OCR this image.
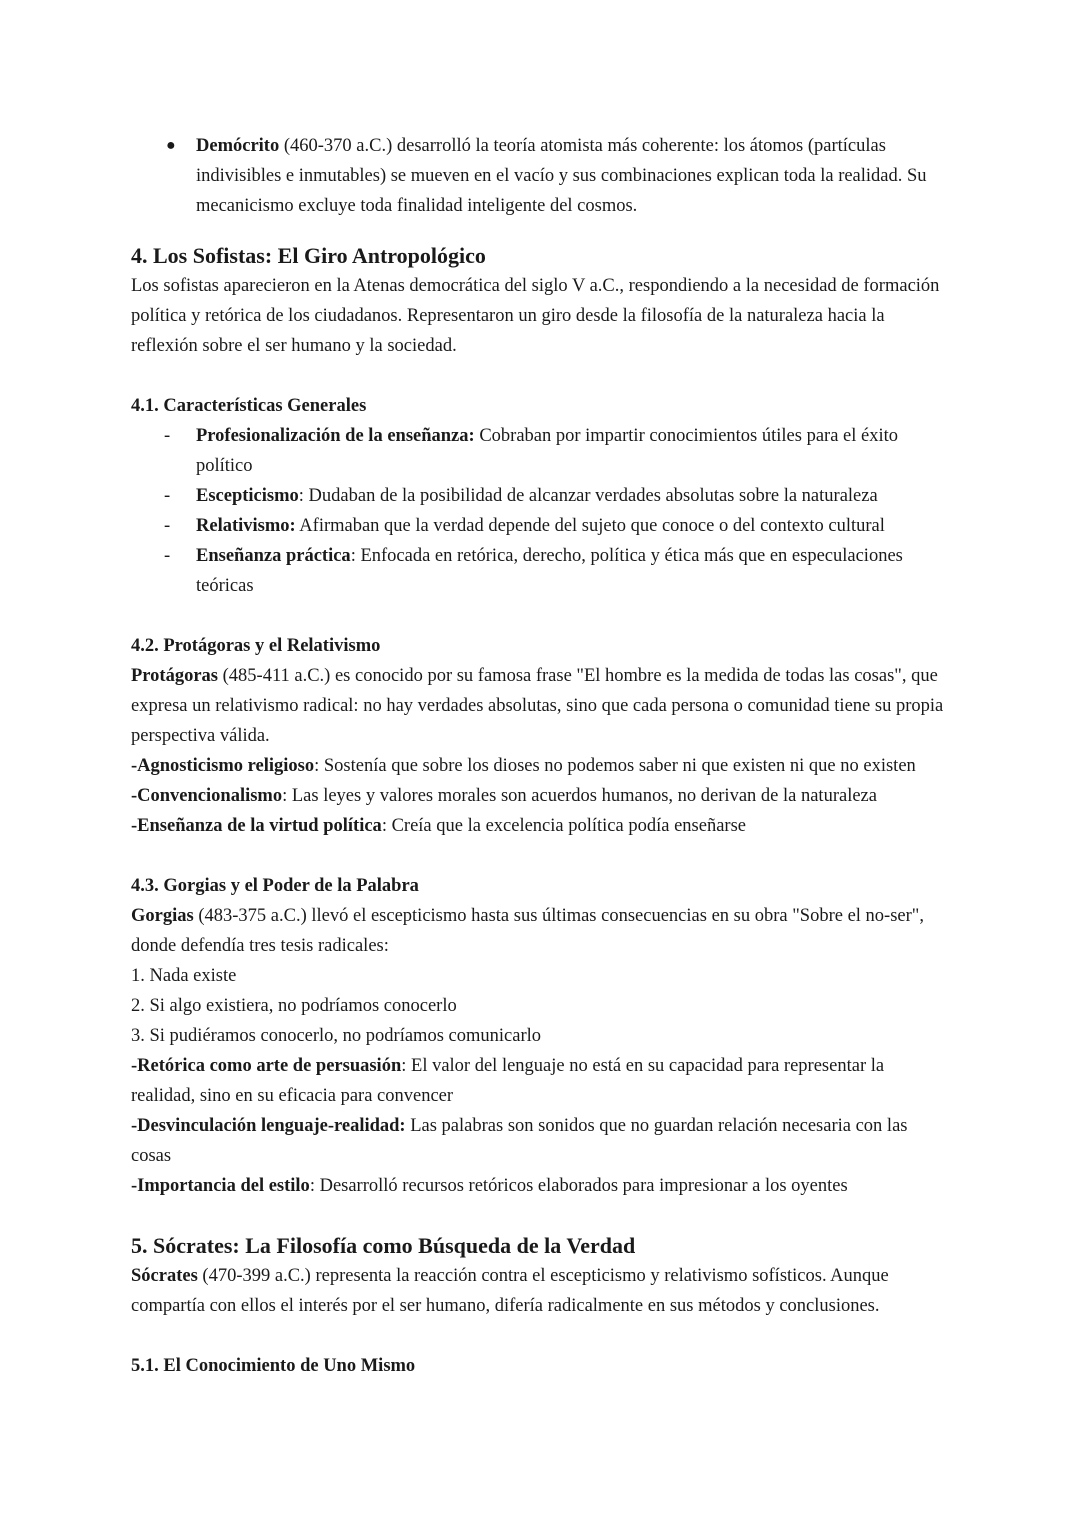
● Demócrito (460-370 a.C.) desarrolló la teoría atomista más coherente: los átomos (partículas indivisibles e inmutables) se mueven en el vacío y sus combinaciones explican toda la realidad. Su mecanicismo excluye toda finalidad inteligente del cosmos.

4. Los Sofistas: El Giro Antropológico

Los sofistas aparecieron en la Atenas democrática del siglo V a.C., respondiendo a la necesidad de formación política y retórica de los ciudadanos. Representaron un giro desde la filosofía de la naturaleza hacia la reflexión sobre el ser humano y la sociedad.

4.1. Características Generales
- Profesionalización de la enseñanza: Cobraban por impartir conocimientos útiles para el éxito político

- Escepticismo: Dudaban de la posibilidad de alcanzar verdades absolutas sobre la naturaleza

- Relativismo: Afirmaban que la verdad depende del sujeto que conoce o del contexto cultural

- Enseñanza práctica: Enfocada en retórica, derecho, política y ética más que en especulaciones teóricas

4.2. Protágoras y el Relativismo

Protágoras (485-411 a.C.) es conocido por su famosa frase "El hombre es la medida de todas las cosas", que expresa un relativismo radical: no hay verdades absolutas, sino que cada persona o comunidad tiene su propia perspectiva válida.

-Agnosticismo religioso: Sostenía que sobre los dioses no podemos saber ni que existen ni que no existen

-Convencionalismo: Las leyes y valores morales son acuerdos humanos, no derivan de la naturaleza

-Enseñanza de la virtud política: Creía que la excelencia política podía enseñarse

4.3. Gorgias y el Poder de la Palabra

Gorgias (483-375 a.C.) llevó el escepticismo hasta sus últimas consecuencias en su obra "Sobre el no-ser", donde defendía tres tesis radicales:

1. Nada existe

2. Si algo existiera, no podríamos conocerlo

3. Si pudiéramos conocerlo, no podríamos comunicarlo

-Retórica como arte de persuasión: El valor del lenguaje no está en su capacidad para representar la realidad, sino en su eficacia para convencer

-Desvinculación lenguaje-realidad: Las palabras son sonidos que no guardan relación necesaria con las cosas

-Importancia del estilo: Desarrolló recursos retóricos elaborados para impresionar a los oyentes

5. Sócrates: La Filosofía como Búsqueda de la Verdad

Sócrates (470-399 a.C.) representa la reacción contra el escepticismo y relativismo sofísticos. Aunque compartía con ellos el interés por el ser humano, difería radicalmente en sus métodos y conclusiones.

5.1. El Conocimiento de Uno Mismo
